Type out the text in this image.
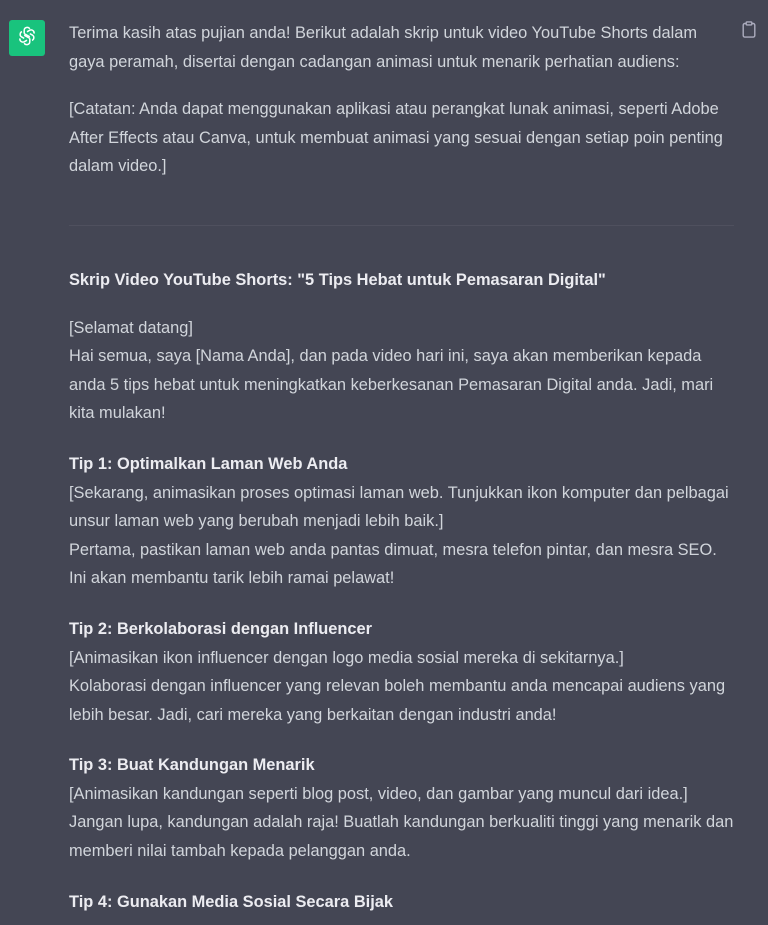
Terima kasih atas pujian anda! Berikut adalah skrip untuk video YouTube Shorts dalam gaya peramah, disertai dengan cadangan animasi untuk menarik perhatian audiens:

[Catatan: Anda dapat menggunakan aplikasi atau perangkat lunak animasi, seperti Adobe After Effects atau Canva, untuk membuat animasi yang sesuai dengan setiap poin penting dalam video.]

Skrip Video YouTube Shorts: "5 Tips Hebat untuk Pemasaran Digital"

[Selamat datang]

Hai semua, saya [Nama Anda], dan pada video hari ini, saya akan memberikan kepada anda 5 tips hebat untuk meningkatkan keberkesanan Pemasaran Digital anda. Jadi, mari kita mulakan!

Tip 1: Optimalkan Laman Web Anda

[Sekarang, animasikan proses optimasi laman web. Tunjukkan ikon komputer dan pelbagai unsur laman web yang berubah menjadi lebih baik.]

Pertama, pastikan laman web anda pantas dimuat, mesra telefon pintar, dan mesra SEO. Ini akan membantu tarik lebih ramai pelawat!

Tip 2: Berkolaborasi dengan Influencer

[Animasikan ikon influencer dengan logo media sosial mereka di sekitarnya.]

Kolaborasi dengan influencer yang relevan boleh membantu anda mencapai audiens yang lebih besar. Jadi, cari mereka yang berkaitan dengan industri anda!

Tip 3: Buat Kandungan Menarik

[Animasikan kandungan seperti blog post, video, dan gambar yang muncul dari idea.]

Jangan lupa, kandungan adalah raja! Buatlah kandungan berkualiti tinggi yang menarik dan memberi nilai tambah kepada pelanggan anda.

Tip 4: Gunakan Media Sosial Secara Bijak
